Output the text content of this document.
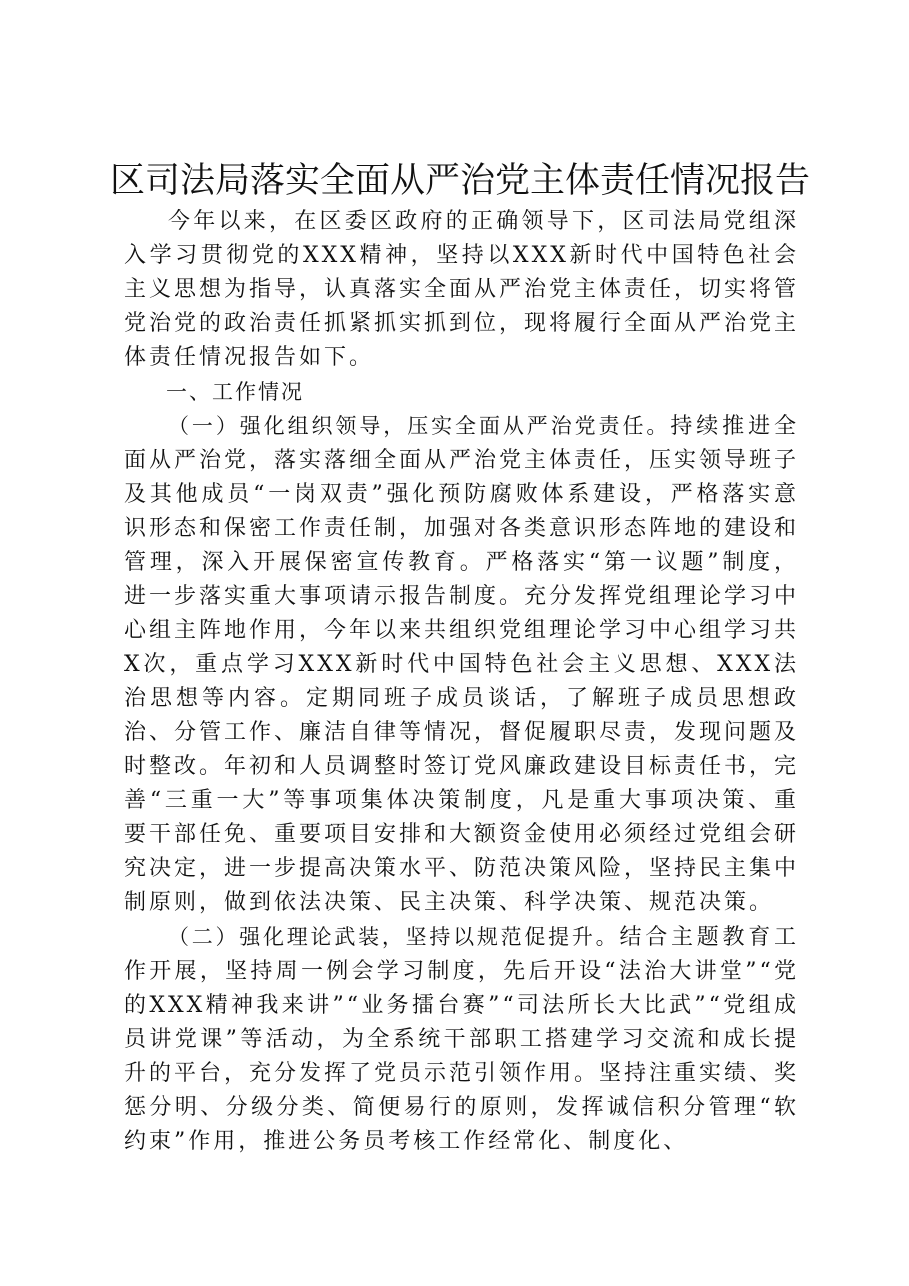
区司法局落实全面从严治党主体责任情况报告

今年以来，在区委区政府的正确领导下，区司法局党组深入学习贯彻党的XXX精神，坚持以XXX新时代中国特色社会主义思想为指导，认真落实全面从严治党主体责任，切实将管党治党的政治责任抓紧抓实抓到位，现将履行全面从严治党主体责任情况报告如下。

一、工作情况

（一）强化组织领导，压实全面从严治党责任。持续推进全面从严治党，落实落细全面从严治党主体责任，压实领导班子及其他成员“一岗双责”强化预防腐败体系建设，严格落实意识形态和保密工作责任制，加强对各类意识形态阵地的建设和管理，深入开展保密宣传教育。严格落实“第一议题”制度，进一步落实重大事项请示报告制度。充分发挥党组理论学习中心组主阵地作用，今年以来共组织党组理论学习中心组学习共X次，重点学习XXX新时代中国特色社会主义思想、XXX法治思想等内容。定期同班子成员谈话，了解班子成员思想政治、分管工作、廉洁自律等情况，督促履职尽责，发现问题及时整改。年初和人员调整时签订党风廉政建设目标责任书，完善“三重一大”等事项集体决策制度，凡是重大事项决策、重要干部任免、重要项目安排和大额资金使用必须经过党组会研究决定，进一步提高决策水平、防范决策风险，坚持民主集中制原则，做到依法决策、民主决策、科学决策、规范决策。

（二）强化理论武装，坚持以规范促提升。结合主题教育工作开展，坚持周一例会学习制度，先后开设“法治大讲堂”“党的XXX精神我来讲”“业务擂台赛”“司法所长大比武”“党组成员讲党课”等活动，为全系统干部职工搭建学习交流和成长提升的平台，充分发挥了党员示范引领作用。坚持注重实绩、奖惩分明、分级分类、简便易行的原则，发挥诚信积分管理“软约束”作用，推进公务员考核工作经常化、制度化、
